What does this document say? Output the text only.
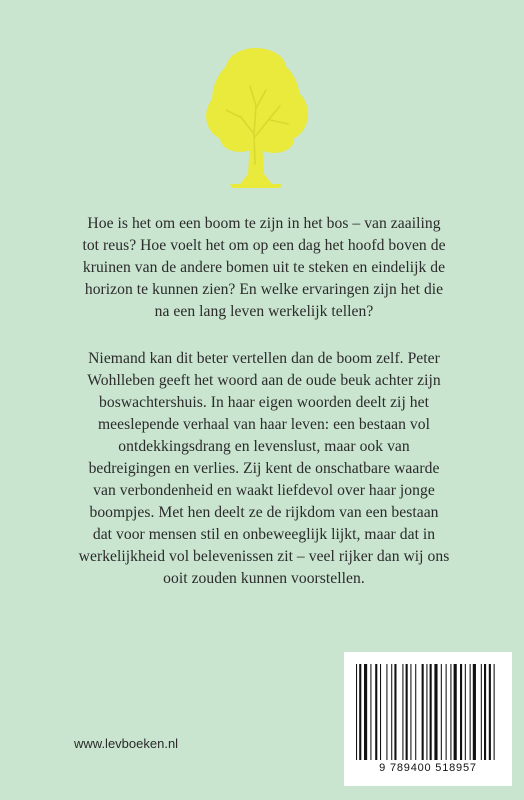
Hoe is het om een boom te zijn in het bos – van zaailing tot reus? Hoe voelt het om op een dag het hoofd boven de kruinen van de andere bomen uit te steken en eindelijk de horizon te kunnen zien? En welke ervaringen zijn het die na een lang leven werkelijk tellen?

Niemand kan dit beter vertellen dan de boom zelf. Peter Wohlleben geeft het woord aan de oude beuk achter zijn boswachtershuis. In haar eigen woorden deelt zij het meeslepende verhaal van haar leven: een bestaan vol ontdekkingsdrang en levenslust, maar ook van bedreigingen en verlies. Zij kent de onschatbare waarde van verbondenheid en waakt liefdevol over haar jonge boompjes. Met hen deelt ze de rijkdom van een bestaan dat voor mensen stil en onbeweeglijk lijkt, maar dat in werkelijkheid vol belevenissen zit – veel rijker dan wij ons ooit zouden kunnen voorstellen.

www.levboeken.nl
9 789400 518957
